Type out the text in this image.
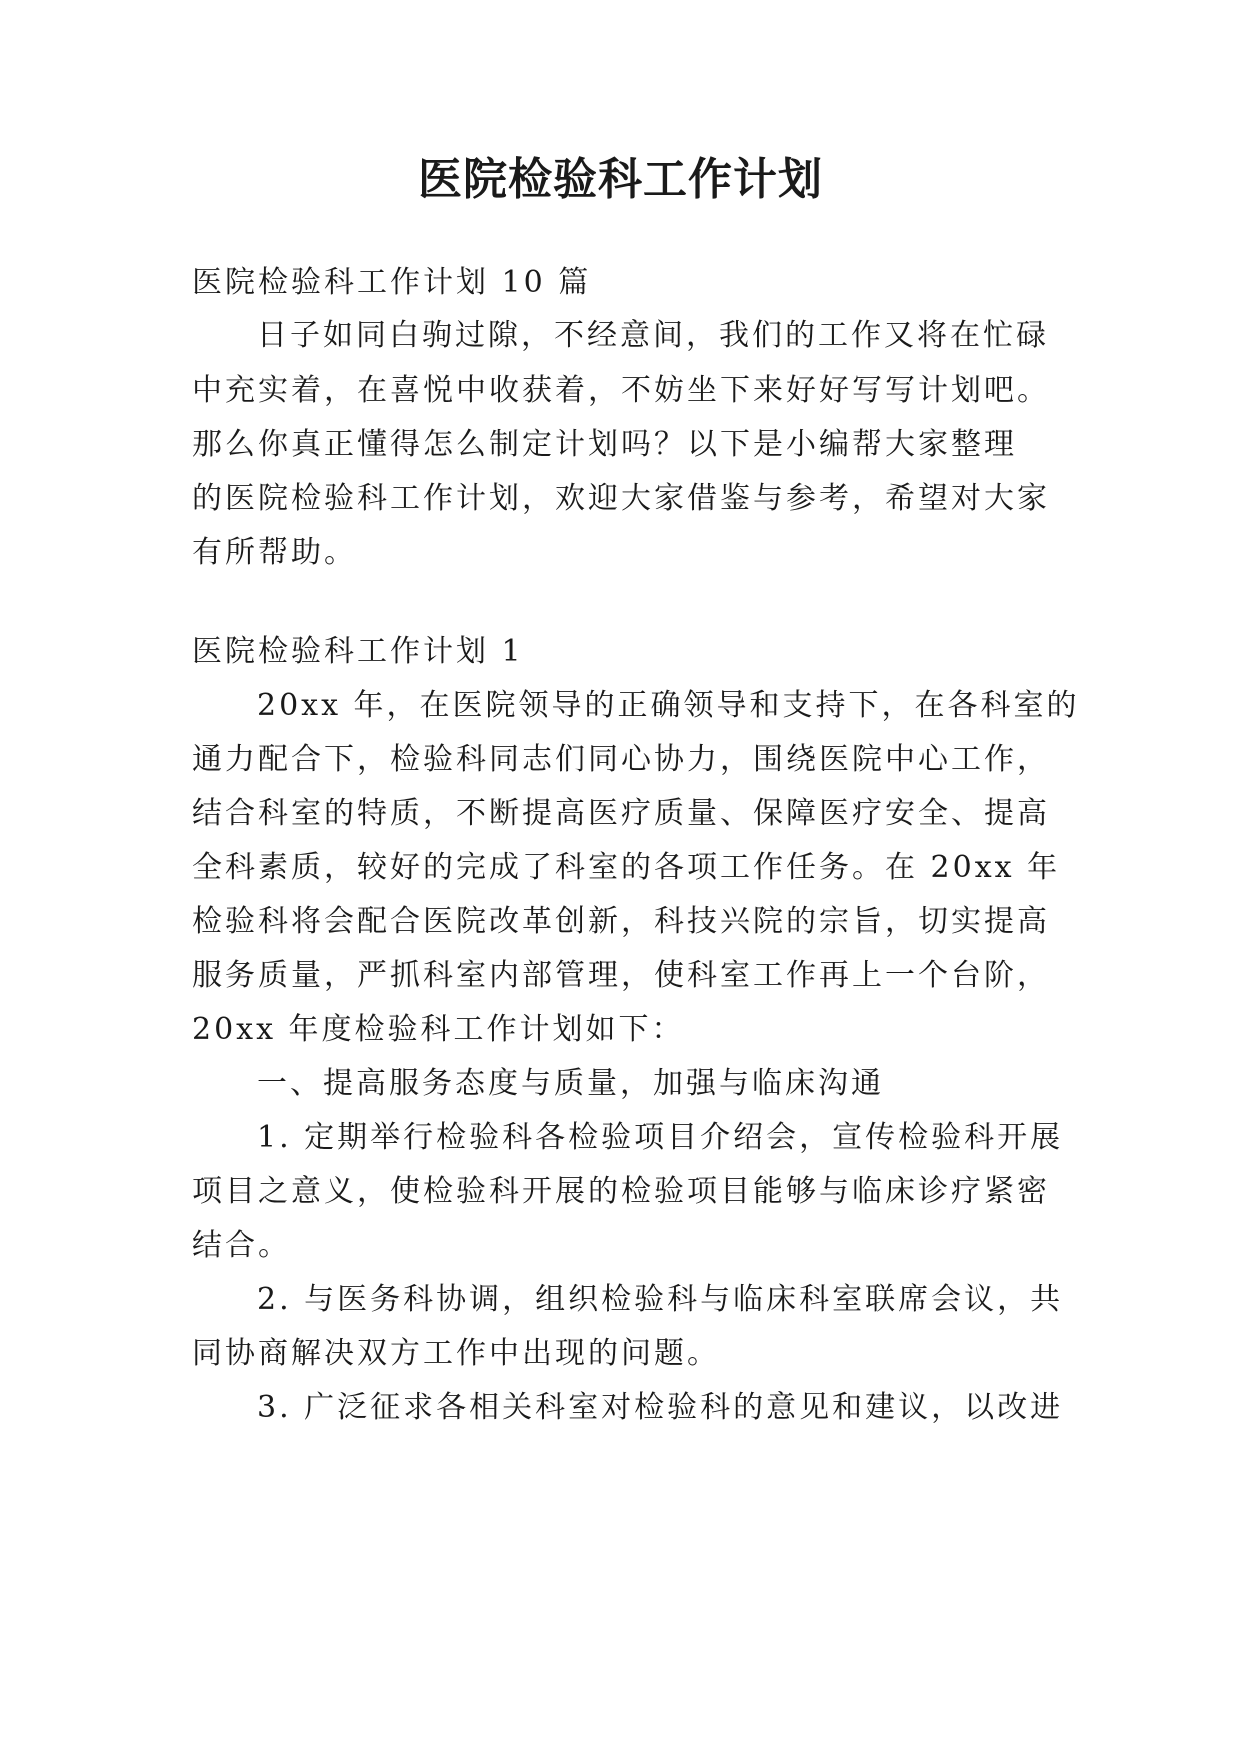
医院检验科工作计划
医院检验科工作计划 10 篇
日子如同白驹过隙，不经意间，我们的工作又将在忙碌
中充实着，在喜悦中收获着，不妨坐下来好好写写计划吧。
那么你真正懂得怎么制定计划吗？以下是小编帮大家整理
的医院检验科工作计划，欢迎大家借鉴与参考，希望对大家
有所帮助。
医院检验科工作计划 1
20xx 年，在医院领导的正确领导和支持下，在各科室的
通力配合下，检验科同志们同心协力，围绕医院中心工作，
结合科室的特质，不断提高医疗质量、保障医疗安全、提高
全科素质，较好的完成了科室的各项工作任务。在 20xx 年
检验科将会配合医院改革创新，科技兴院的宗旨，切实提高
服务质量，严抓科室内部管理，使科室工作再上一个台阶，
20xx 年度检验科工作计划如下：
一、提高服务态度与质量，加强与临床沟通
1. 定期举行检验科各检验项目介绍会，宣传检验科开展
项目之意义，使检验科开展的检验项目能够与临床诊疗紧密
结合。
2. 与医务科协调，组织检验科与临床科室联席会议，共
同协商解决双方工作中出现的问题。
3. 广泛征求各相关科室对检验科的意见和建议，以改进
